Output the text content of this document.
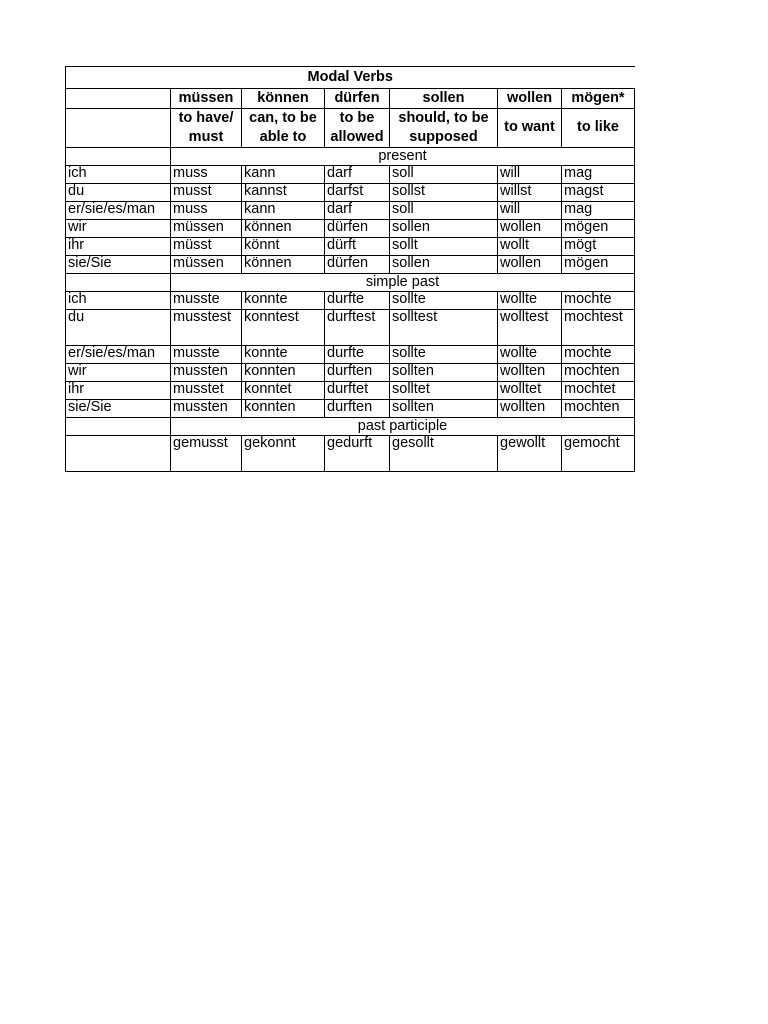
Modal Verbs						
	müssen	können	dürfen	sollen	wollen	mögen*
	to have/ must	can, to be able to	to be allowed	should, to be supposed	to want	to like
	present					
ich	muss	kann	darf	soll	will	mag
du	musst	kannst	darfst	sollst	willst	magst
er/sie/es/man	muss	kann	darf	soll	will	mag
wir	müssen	können	dürfen	sollen	wollen	mögen
ihr	müsst	könnt	dürft	sollt	wollt	mögt
sie/Sie	müssen	können	dürfen	sollen	wollen	mögen
	simple past					
ich	musste	konnte	durfte	sollte	wollte	mochte
du	musstest	konntest	durftest	solltest	wolltest	mochtest
er/sie/es/man	musste	konnte	durfte	sollte	wollte	mochte
wir	mussten	konnten	durften	sollten	wollten	mochten
ihr	musstet	konntet	durftet	solltet	wolltet	mochtet
sie/Sie	mussten	konnten	durften	sollten	wollten	mochten
	past participle					
	gemusst	gekonnt	gedurft	gesollt	gewollt	gemocht
